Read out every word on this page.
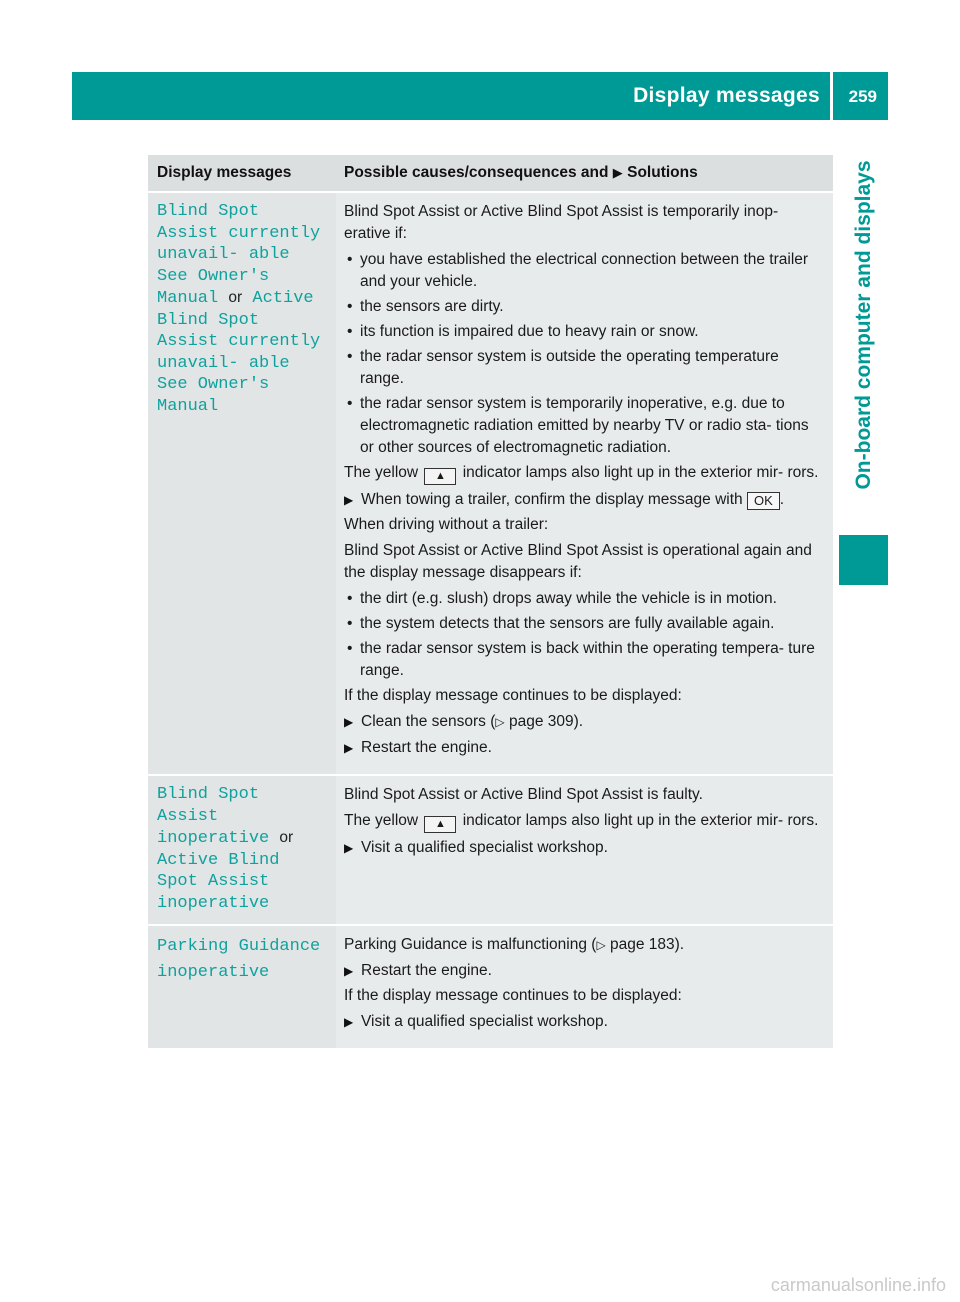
Display messages 259
On-board computer and displays
Display messages	Possible causes/consequences and ▶ Solutions
Blind Spot Assist currently unavail- able See Owner's Manual or Active Blind Spot Assist currently unavail- able See Owner's Manual

Blind Spot Assist or Active Blind Spot Assist is temporarily inop- erative if:

• you have established the electrical connection between the trailer and your vehicle.
• the sensors are dirty.
• its function is impaired due to heavy rain or snow.
• the radar sensor system is outside the operating temperature range.
• the radar sensor system is temporarily inoperative, e.g. due to electromagnetic radiation emitted by nearby TV or radio sta- tions or other sources of electromagnetic radiation.

The yellow ▲ indicator lamps also light up in the exterior mir- rors.

▶ When towing a trailer, confirm the display message with OK .

When driving without a trailer:

Blind Spot Assist or Active Blind Spot Assist is operational again and the display message disappears if:

• the dirt (e.g. slush) drops away while the vehicle is in motion.
• the system detects that the sensors are fully available again.
• the radar sensor system is back within the operating tempera- ture range.

If the display message continues to be displayed:

▶ Clean the sensors (▷ page 309).
▶ Restart the engine.
Blind Spot Assist inoperative or Active Blind Spot Assist inoperative

Blind Spot Assist or Active Blind Spot Assist is faulty.

The yellow ▲ indicator lamps also light up in the exterior mir- rors.

▶ Visit a qualified specialist workshop.
Parking Guidance
inoperative

Parking Guidance is malfunctioning (▷ page 183).

▶ Restart the engine.

If the display message continues to be displayed:

▶ Visit a qualified specialist workshop.
carmanualsonline.info
